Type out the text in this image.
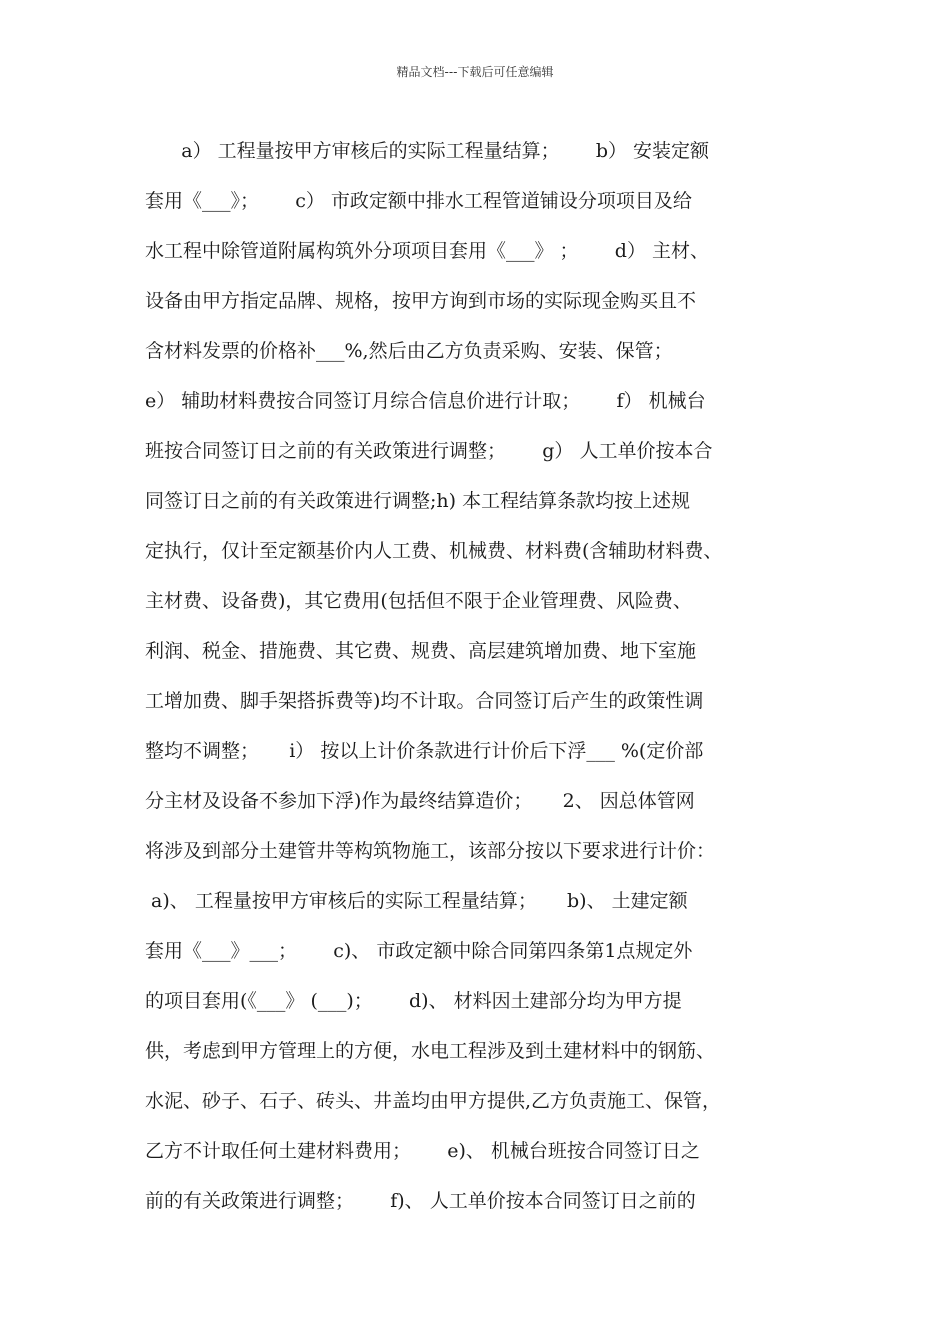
精品文档---下载后可任意编辑
a） 工程量按甲方审核后的实际工程量结算；      b） 安装定额
套用《___》；      c） 市政定额中排水工程管道铺设分项项目及给
水工程中除管道附属构筑外分项项目套用《___》 ；      d） 主材、
设备由甲方指定品牌、规格，按甲方询到市场的实际现金购买且不
含材料发票的价格补___%,然后由乙方负责采购、安装、保管；
e） 辅助材料费按合同签订月综合信息价进行计取；      f） 机械台
班按合同签订日之前的有关政策进行调整；      g） 人工单价按本合
同签订日之前的有关政策进行调整;h) 本工程结算条款均按上述规
定执行，仅计至定额基价内人工费、机械费、材料费(含辅助材料费、
主材费、设备费)，其它费用(包括但不限于企业管理费、风险费、
利润、税金、措施费、其它费、规费、高层建筑增加费、地下室施
工增加费、脚手架搭拆费等)均不计取。合同签订后产生的政策性调
整均不调整；     i） 按以上计价条款进行计价后下浮___ %(定价部
分主材及设备不参加下浮)作为最终结算造价；     2、 因总体管网
将涉及到部分土建管井等构筑物施工，该部分按以下要求进行计价：
a)、 工程量按甲方审核后的实际工程量结算；     b)、 土建定额
套用《___》___；      c)、 市政定额中除合同第四条第1点规定外
的项目套用(《___》 (___)；      d)、 材料因土建部分均为甲方提
供，考虑到甲方管理上的方便，水电工程涉及到土建材料中的钢筋、
水泥、砂子、石子、砖头、井盖均由甲方提供,乙方负责施工、保管，
乙方不计取任何土建材料费用；      e)、 机械台班按合同签订日之
前的有关政策进行调整；      f)、 人工单价按本合同签订日之前的
